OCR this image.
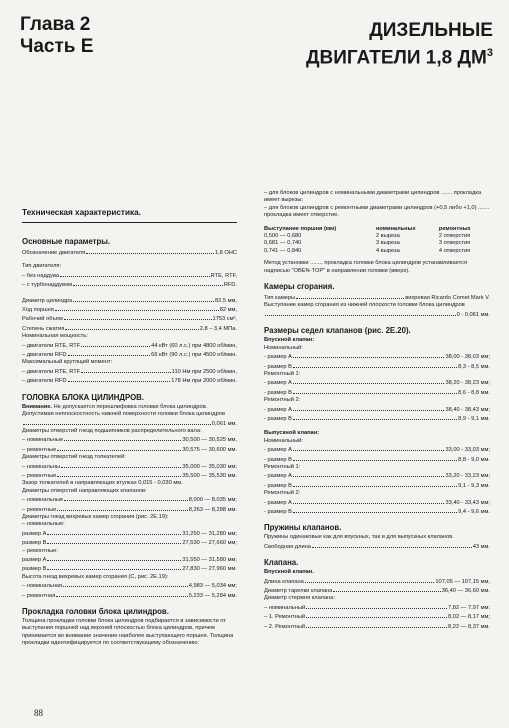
Глава 2
Часть E
ДИЗЕЛЬНЫЕ
ДВИГАТЕЛИ 1,8 $ДМ^3$
Техническая характеристика.
Основные параметры.
Обозначение двигателя	1,8 OHC
Тип двигателя:
– без наддува	RTE, RTF,
– с турбонаддувом	RFD.
Диаметр цилиндра	82,5 мм,
Ход поршня	82 мм,
Рабочий объем	1753 см³,
Степень сжатия	2,8 – 3,4 МПа.
Номинальная мощность:
– двигатели RTE, RTF	44 кВт (60 л.с.) при 4800 об/мин,
– двигатели RFD	66 кВт (90 л.с.) при 4500 об/мин.
Максимальный крутящий момент:
– двигатели RTE, RTF	110 Нм при 2500 об/мин,
– двигатели RFD	178 Нм при 2000 об/мин.
ГОЛОВКА БЛОКА ЦИЛИНДРОВ.
Внимание. Не допускается перешлифовка головки блока цилиндров.
Допустимая неплоскостность нижней поверхности головки блока цилиндров
0,061 мм.
Диаметры отверстий гнезд подшипников распределительного вала:
– номинальные	30,500 — 30,525 мм,
– ремонтные	30,575 — 30,600 мм.
Диаметры отверстий гнезд толкателей:
– номинальны	35,000 — 35,030 мм;
– ремонтные	35,500 — 35,530 мм.
Зазор толкателей в направляющих втулках 0,015 - 0,030 мм.
Диаметры отверстий направляющих клапанов:
– номинальные	8,000 — 8,035 мм;
– ремонтные	8,263 — 8,288 мм.
Диаметры гнезд вихревых камер сгорания (рис. 2E.19):
– номинальные:
размер A	31,250 — 31,280 мм;
размер B	27,530 — 27,660 мм;
– ремонтные:
размер A	31,550 — 31,580 мм;
размер B	27,830 — 27,960 мм.
Высота гнезд вихревых камер сгорания (C, рис. 2E.19):
– номинальная	4,983 — 5,034 мм;
– ремонтная	5,233 — 5,284 мм.
Прокладка головки блока цилиндров.
Толщина прокладки головки блока цилиндров подбирается в зависимости от выступания поршней над верхней плоскостью блока цилиндров, причем принимается во внимание значение наиболее выступающего поршня. Толщина прокладки идентифицируется по соответствующему обозначению:
– для блоков цилиндров с номинальными диаметрами цилиндров ....... прокладка имеет вырезы;
– для блоков цилиндров с ремонтными диаметрами цилиндров (+0,5 либо +1,0) ....... прокладка имеет отверстие.
Выступание поршня (мм)	номинальных	ремонтных
0,500 — 0,680	2 выреза	2 отверстия
0,681 — 0,740	3 выреза	3 отверстия
0,741 — 0,840	4 выреза	4 отверстия
Метод установки ........ прокладка головки блока цилиндров устанавливается надписью "OBEN-TOP" в направлении головки (вверх).
Камеры сгорания.
Тип камеры	вихревая Ricardo Comet Mark V.
Выступание камер сгорания из нижней плоскости головки блока цилиндров
0 - 0,061 мм.
Размеры седел клапанов (рис. 2E.20).
Впускной клапан:
Номинальный:
- размер A	38,00 - 38,03 мм;
- размер B	8,3 - 8,5 мм.
Ремонтный 1:
- размер A	38,20 - 38,23 мм;
- размер B	8,6 - 8,8 мм.
Ремонтный 2:
- размер A	38,40 - 38,43 мм;
- размер B	8,9 - 9,1 мм.
Выпускной клапан:
Номинальный:
- размер A	33,00 - 33,03 мм;
- размер B	8,8 - 9,0 мм.
Ремонтный 1:
- размер A	33,20 - 33,23 мм;
- размер B	9,1 - 9,3 мм.
Ремонтный 2:
- размер A	33,40 - 33,43 мм;
- размер B	9,4 - 9,6 мм.
Пружины клапанов.
Пружины одинаковые как для впускных, так и для выпускных клапанов.
Свободная длина	43 мм.
Клапана.
Впускной клапан.
Длина клапана	107,05 — 107,15 мм,
Диаметр тарелки клапана	36,40 — 36,60 мм.
Диаметр стержня клапана:
– номинальный	7,82 — 7,97 мм;
– 1. Ремонтный	8,02 — 8,17 мм;
– 2. Ремонтный	8,22 — 8,37 мм.
88
